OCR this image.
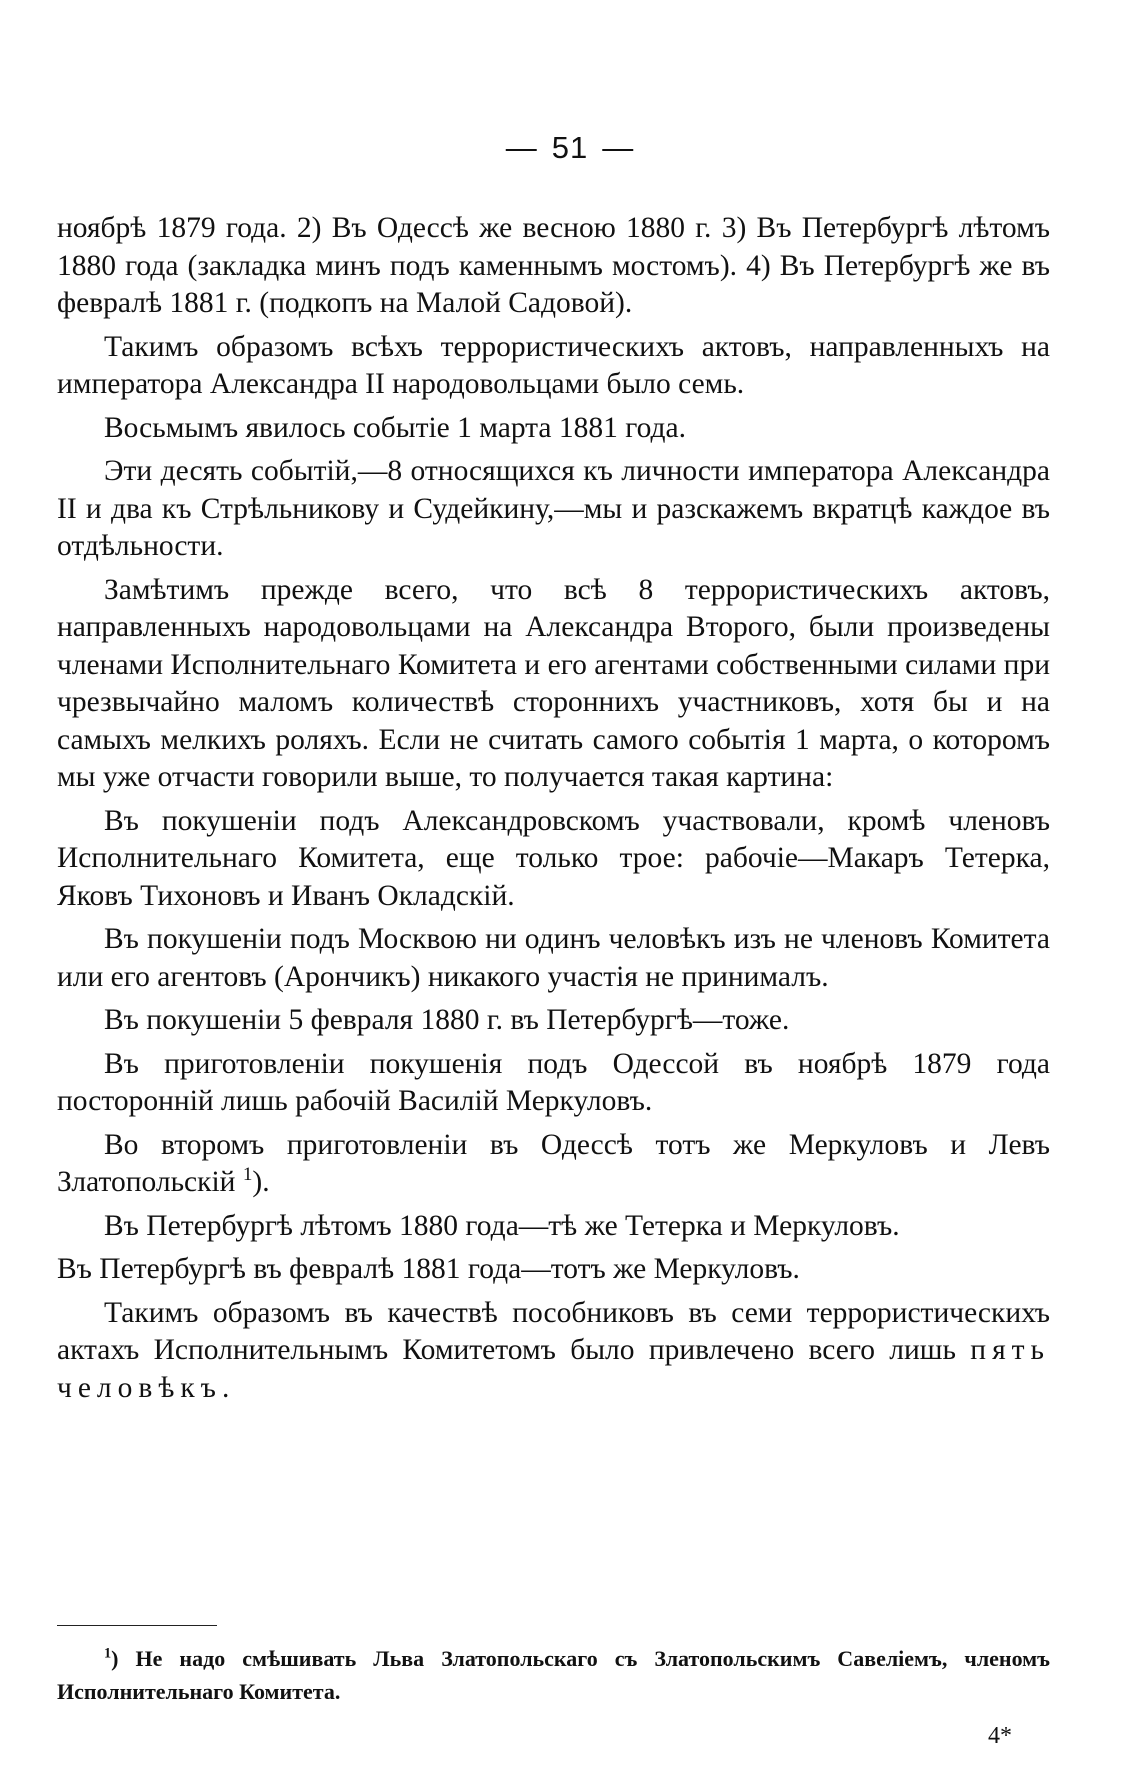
— 51 —

ноябрѣ 1879 года. 2) Въ Одессѣ же весною 1880 г. 3) Въ Петербургѣ лѣтомъ 1880 года (закладка минъ подъ каменнымъ мостомъ). 4) Въ Петербургѣ же въ февралѣ 1881 г. (подкопъ на Малой Садовой).

Такимъ образомъ всѣхъ террористическихъ актовъ, направленныхъ на императора Александра II народовольцами было семь.

Восьмымъ явилось событіе 1 марта 1881 года.

Эти десять событій,—8 относящихся къ личности императора Александра II и два къ Стрѣльникову и Судейкину,—мы и разскажемъ вкратцѣ каждое въ отдѣльности.

Замѣтимъ прежде всего, что всѣ 8 террористическихъ актовъ, направленныхъ народовольцами на Александра Второго, были произведены членами Исполнительнаго Комитета и его агентами собственными силами при чрезвычайно маломъ количествѣ стороннихъ участниковъ, хотя бы и на самыхъ мелкихъ роляхъ. Если не считать самого событія 1 марта, о которомъ мы уже отчасти говорили выше, то получается такая картина:

Въ покушеніи подъ Александровскомъ участвовали, кромѣ членовъ Исполнительнаго Комитета, еще только трое: рабочіе—Макаръ Тетерка, Яковъ Тихоновъ и Иванъ Окладскій.

Въ покушеніи подъ Москвою ни одинъ человѣкъ изъ не членовъ Комитета или его агентовъ (Арончикъ) никакого участія не принималъ.

Въ покушеніи 5 февраля 1880 г. въ Петербургѣ—тоже.

Въ приготовленіи покушенія подъ Одессой въ ноябрѣ 1879 года посторонній лишь рабочій Василій Меркуловъ.

Во второмъ приготовленіи въ Одессѣ тотъ же Меркуловъ и Левъ Златопольскій $^1$).

Въ Петербургѣ лѣтомъ 1880 года—тѣ же Тетерка и Меркуловъ.

Въ Петербургѣ въ февралѣ 1881 года—тотъ же Меркуловъ.

Такимъ образомъ въ качествѣ пособниковъ въ семи террористическихъ актахъ Исполнительнымъ Комитетомъ было привлечено всего лишь пять человѣкъ.

$^1$) Не надо смѣшивать Льва Златопольскаго съ Златопольскимъ Савеліемъ, членомъ Исполнительнаго Комитета.

4*
